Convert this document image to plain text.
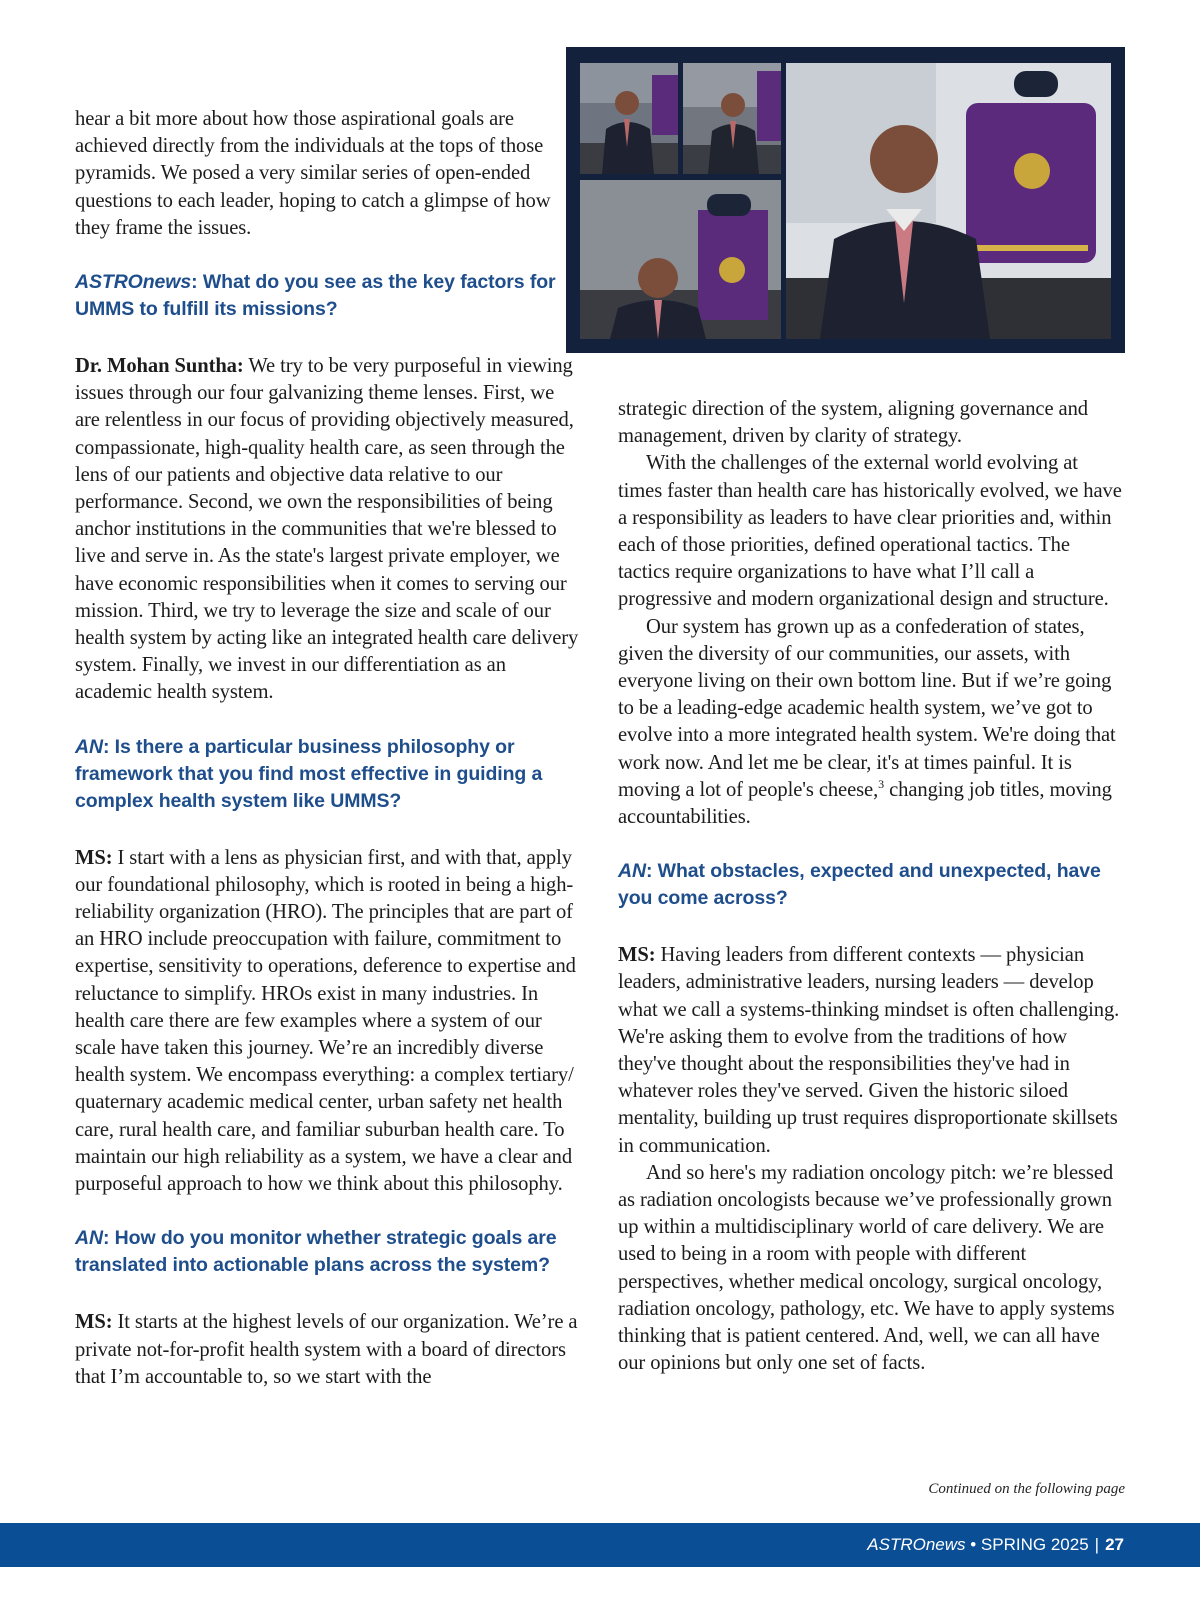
hear a bit more about how those aspirational goals are achieved directly from the individuals at the tops of those pyramids. We posed a very similar series of open-ended questions to each leader, hoping to catch a glimpse of how they frame the issues.

ASTROnews: What do you see as the key factors for UMMS to fulfill its missions?

Dr. Mohan Suntha: We try to be very purposeful in viewing issues through our four galvanizing theme lenses. First, we are relentless in our focus of providing objectively measured, compassionate, high-quality health care, as seen through the lens of our patients and objective data relative to our performance. Second, we own the responsibilities of being anchor institutions in the communities that we're blessed to live and serve in. As the state's largest private employer, we have economic responsibilities when it comes to serving our mission. Third, we try to leverage the size and scale of our health system by acting like an integrated health care delivery system. Finally, we invest in our differentiation as an academic health system.

AN: Is there a particular business philosophy or framework that you find most effective in guiding a complex health system like UMMS?

MS: I start with a lens as physician first, and with that, apply our foundational philosophy, which is rooted in being a high-reliability organization (HRO). The principles that are part of an HRO include preoccupation with failure, commitment to expertise, sensitivity to operations, deference to expertise and reluctance to simplify. HROs exist in many industries. In health care there are few examples where a system of our scale have taken this journey. We’re an incredibly diverse health system. We encompass everything: a complex tertiary/ quaternary academic medical center, urban safety net health care, rural health care, and familiar suburban health care. To maintain our high reliability as a system, we have a clear and purposeful approach to how we think about this philosophy.

AN: How do you monitor whether strategic goals are translated into actionable plans across the system?

MS: It starts at the highest levels of our organization. We’re a private not-for-profit health system with a board of directors that I’m accountable to, so we start with the

strategic direction of the system, aligning governance and management, driven by clarity of strategy.

With the challenges of the external world evolving at times faster than health care has historically evolved, we have a responsibility as leaders to have clear priorities and, within each of those priorities, defined operational tactics. The tactics require organizations to have what I’ll call a progressive and modern organizational design and structure.

Our system has grown up as a confederation of states, given the diversity of our communities, our assets, with everyone living on their own bottom line. But if we’re going to be a leading-edge academic health system, we’ve got to evolve into a more integrated health system. We're doing that work now. And let me be clear, it's at times painful. It is moving a lot of people's cheese,$^3$ changing job titles, moving accountabilities.

AN: What obstacles, expected and unexpected, have you come across?

MS: Having leaders from different contexts — physician leaders, administrative leaders, nursing leaders — develop what we call a systems-thinking mindset is often challenging. We're asking them to evolve from the traditions of how they've thought about the responsibilities they've had in whatever roles they've served. Given the historic siloed mentality, building up trust requires disproportionate skillsets in communication.

And so here's my radiation oncology pitch: we’re blessed as radiation oncologists because we’ve professionally grown up within a multidisciplinary world of care delivery. We are used to being in a room with people with different perspectives, whether medical oncology, surgical oncology, radiation oncology, pathology, etc. We have to apply systems thinking that is patient centered. And, well, we can all have our opinions but only one set of facts.

Continued on the following page
ASTROnews • SPRING 2025 | 27
